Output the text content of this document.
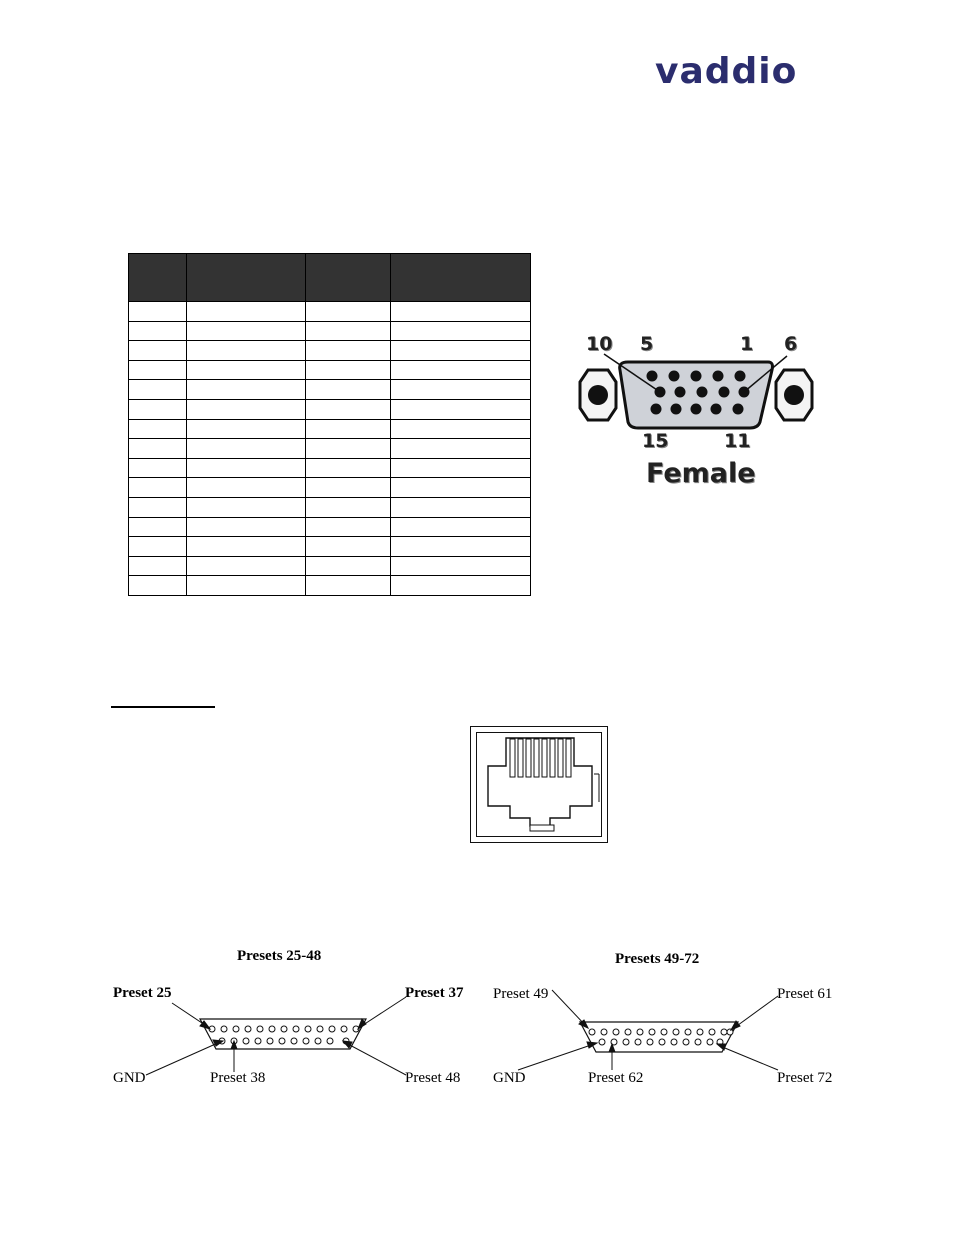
vaddio

10 5	1 6
15	11
Female
Presets 25-48
Preset 25	Preset 37
GND	Preset 38	Preset 48
Presets 49-72
Preset 49	Preset 61
GND	Preset 62	Preset 72
